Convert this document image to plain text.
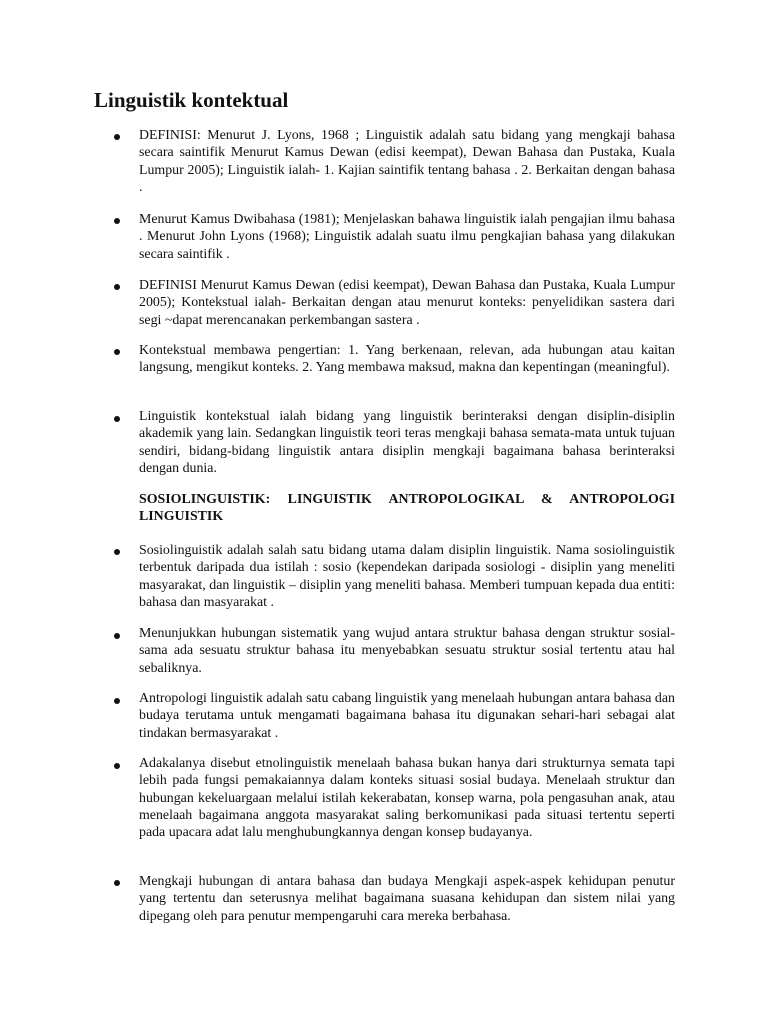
Linguistik kontektual

DEFINISI: Menurut J. Lyons, 1968 ; Linguistik adalah satu bidang yang mengkaji bahasa secara saintifik Menurut Kamus Dewan (edisi keempat), Dewan Bahasa dan Pustaka, Kuala Lumpur 2005); Linguistik ialah- 1. Kajian saintifik tentang bahasa . 2. Berkaitan dengan bahasa .

Menurut Kamus Dwibahasa (1981); Menjelaskan bahawa linguistik ialah pengajian ilmu bahasa . Menurut John Lyons (1968); Linguistik adalah suatu ilmu pengkajian bahasa yang dilakukan secara saintifik .

DEFINISI Menurut Kamus Dewan (edisi keempat), Dewan Bahasa dan Pustaka, Kuala Lumpur 2005); Kontekstual ialah- Berkaitan dengan atau menurut konteks: penyelidikan sastera dari segi ~dapat merencanakan perkembangan sastera .

Kontekstual membawa pengertian: 1. Yang berkenaan, relevan, ada hubungan atau kaitan langsung, mengikut konteks. 2. Yang membawa maksud, makna dan kepentingan (meaningful).

Linguistik kontekstual ialah bidang yang linguistik berinteraksi dengan disiplin-disiplin akademik yang lain. Sedangkan linguistik teori teras mengkaji bahasa semata-mata untuk tujuan sendiri, bidang-bidang linguistik antara disiplin mengkaji bagaimana bahasa berinteraksi dengan dunia.

SOSIOLINGUISTIK: LINGUISTIK ANTROPOLOGIKAL & ANTROPOLOGI LINGUISTIK

Sosiolinguistik adalah salah satu bidang utama dalam disiplin linguistik. Nama sosiolinguistik terbentuk daripada dua istilah : sosio (kependekan daripada sosiologi - disiplin yang meneliti masyarakat, dan linguistik – disiplin yang meneliti bahasa. Memberi tumpuan kepada dua entiti: bahasa dan masyarakat .

Menunjukkan hubungan sistematik yang wujud antara struktur bahasa dengan struktur sosial-sama ada sesuatu struktur bahasa itu menyebabkan sesuatu struktur sosial tertentu atau hal sebaliknya.

Antropologi linguistik adalah satu cabang linguistik yang menelaah hubungan antara bahasa dan budaya terutama untuk mengamati bagaimana bahasa itu digunakan sehari-hari sebagai alat tindakan bermasyarakat .

Adakalanya disebut etnolinguistik menelaah bahasa bukan hanya dari strukturnya semata tapi lebih pada fungsi pemakaiannya dalam konteks situasi sosial budaya. Menelaah struktur dan hubungan kekeluargaan melalui istilah kekerabatan, konsep warna, pola pengasuhan anak, atau menelaah bagaimana anggota masyarakat saling berkomunikasi pada situasi tertentu seperti pada upacara adat lalu menghubungkannya dengan konsep budayanya.

Mengkaji hubungan di antara bahasa dan budaya Mengkaji aspek-aspek kehidupan penutur yang tertentu dan seterusnya melihat bagaimana suasana kehidupan dan sistem nilai yang dipegang oleh para penutur mempengaruhi cara mereka berbahasa.
